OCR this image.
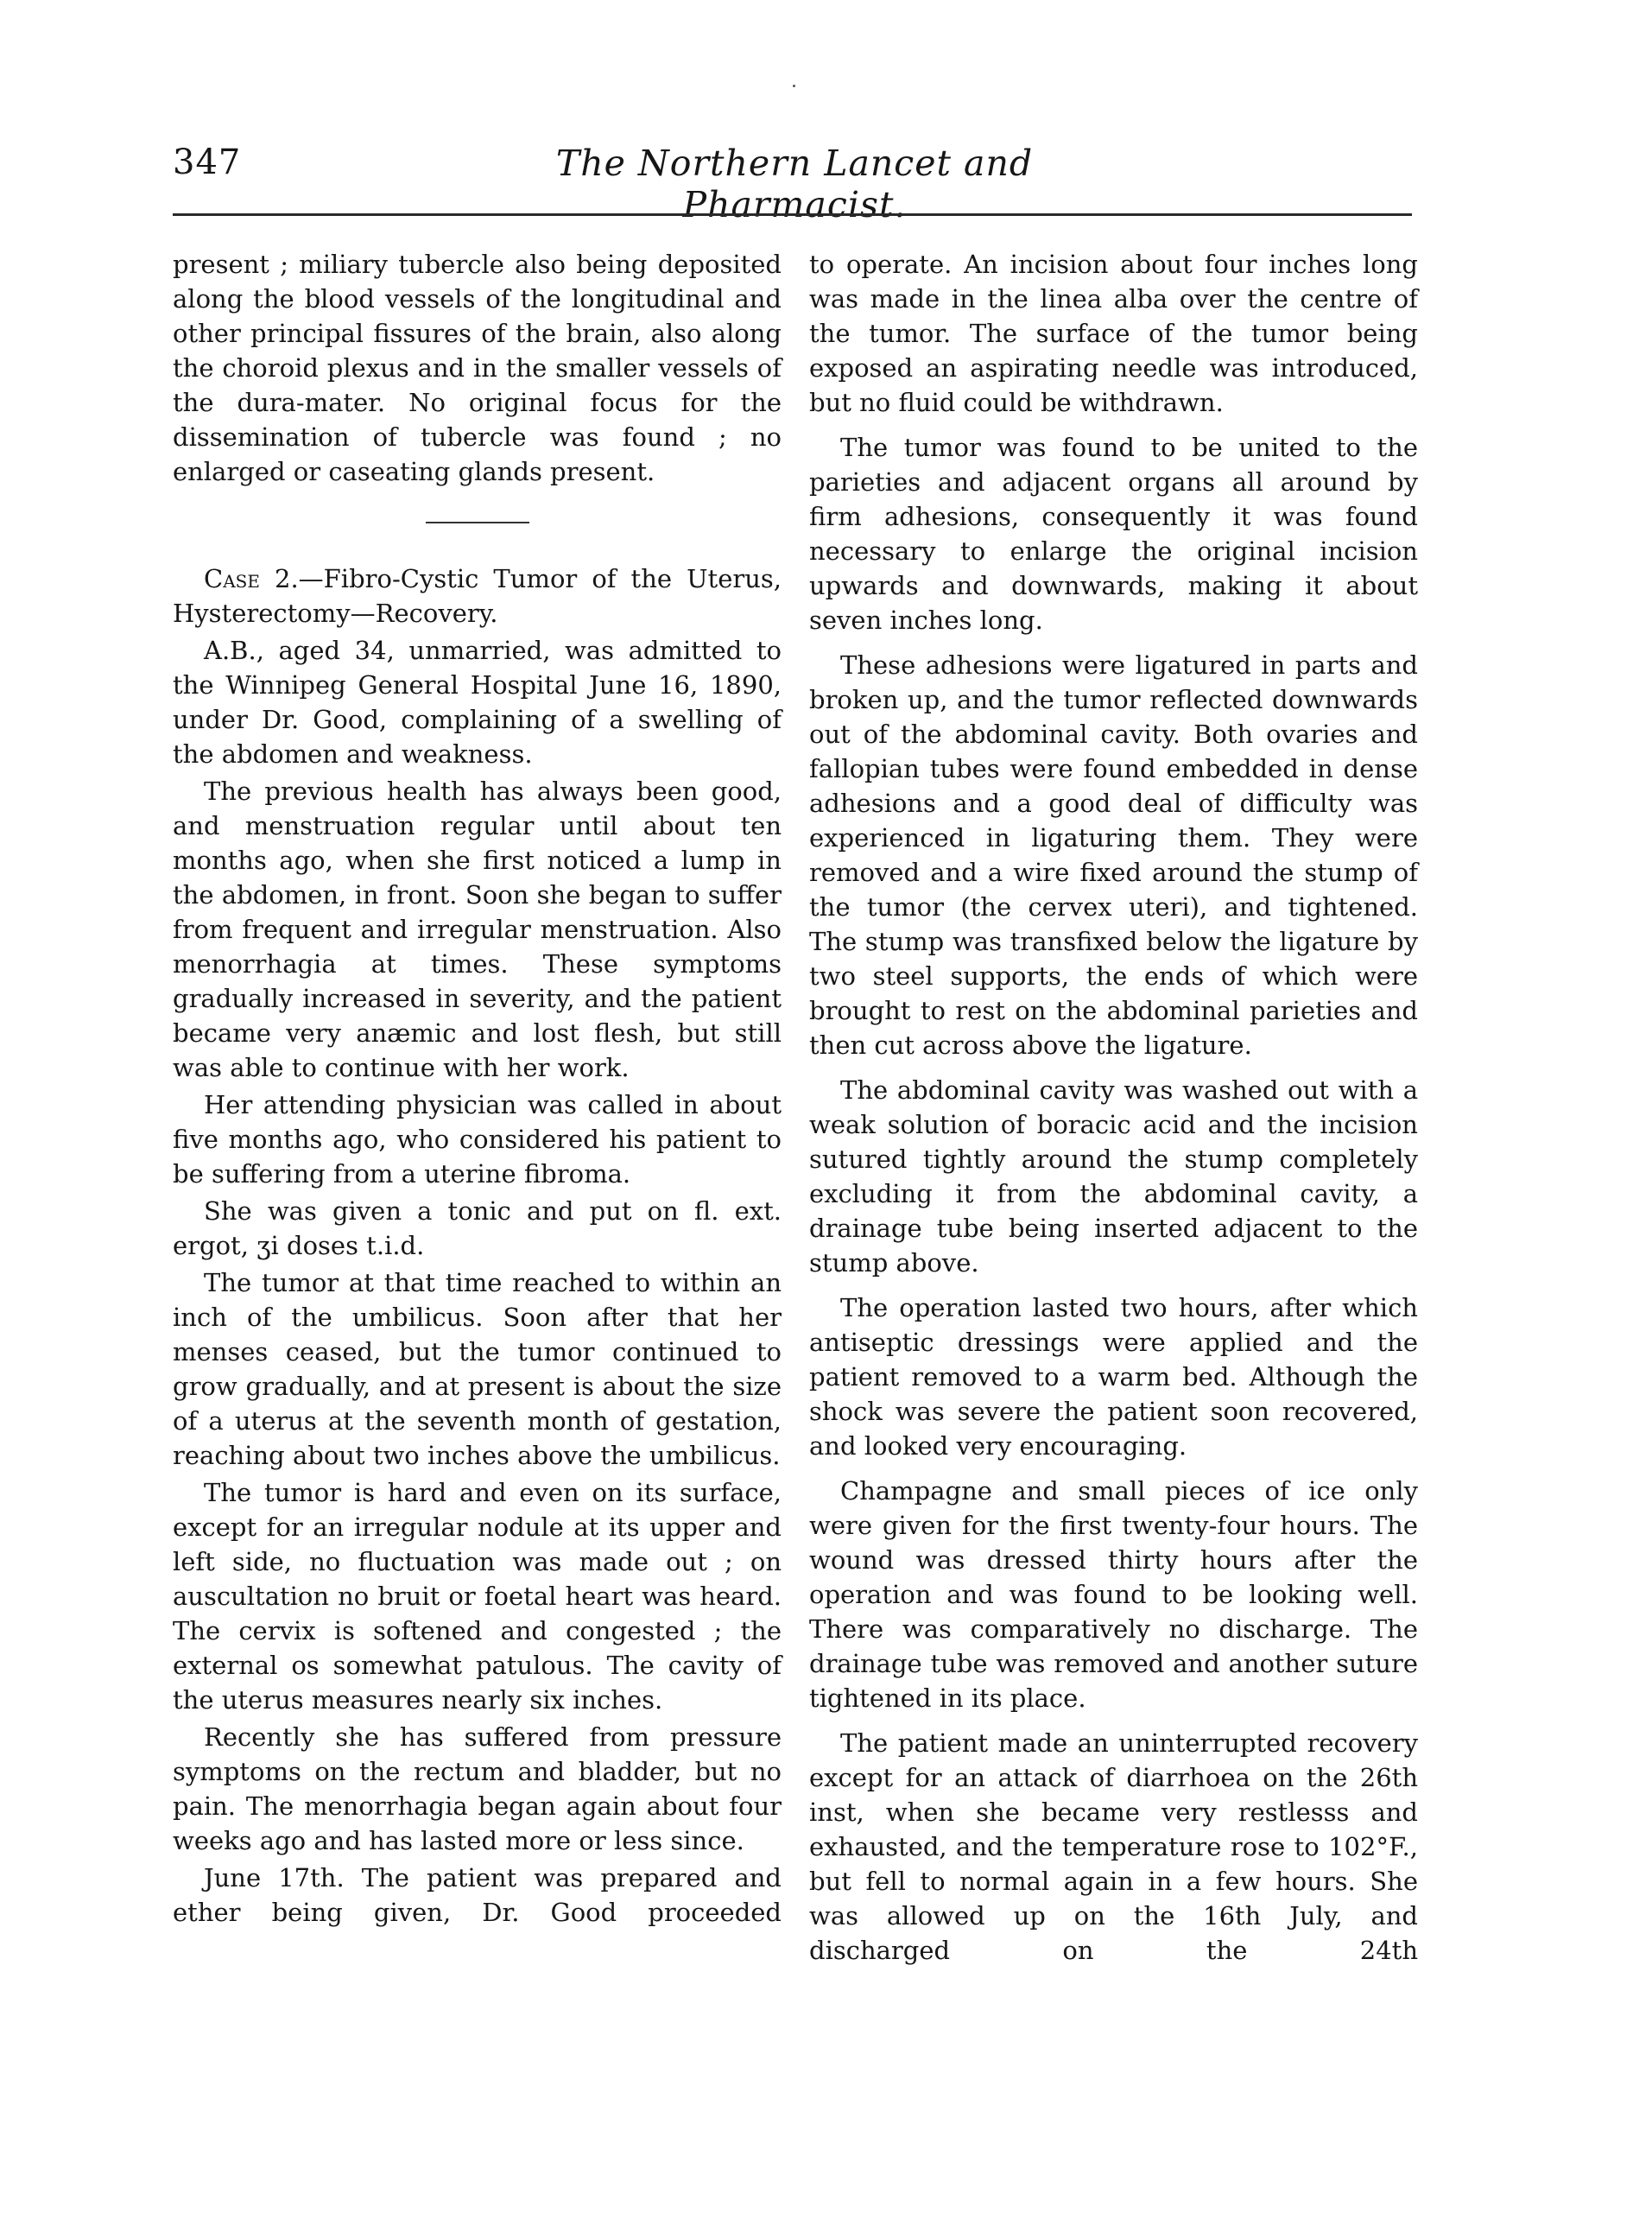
347	The Northern Lancet and Pharmacist.

present ; miliary tubercle also being deposited along the blood vessels of the longitudinal and other principal fissures of the brain, also along the choroid plexus and in the smaller vessels of the dura-mater. No original focus for the dissemination of tubercle was found ; no enlarged or caseating glands present.

Case 2.—Fibro-Cystic Tumor of the Uterus, Hysterectomy—Recovery.

A.B., aged 34, unmarried, was admitted to the Winnipeg General Hospital June 16, 1890, under Dr. Good, complaining of a swelling of the abdomen and weakness.

The previous health has always been good, and menstruation regular until about ten months ago, when she first noticed a lump in the abdomen, in front. Soon she began to suffer from frequent and irregular menstruation. Also menorrhagia at times. These symptoms gradually increased in severity, and the patient became very anæmic and lost flesh, but still was able to continue with her work.

Her attending physician was called in about five months ago, who considered his patient to be suffering from a uterine fibroma.

She was given a tonic and put on fl. ext. ergot, ʒi doses t.i.d.

The tumor at that time reached to within an inch of the umbilicus. Soon after that her menses ceased, but the tumor continued to grow gradually, and at present is about the size of a uterus at the seventh month of gestation, reaching about two inches above the umbilicus.

The tumor is hard and even on its surface, except for an irregular nodule at its upper and left side, no fluctuation was made out ; on auscultation no bruit or foetal heart was heard. The cervix is softened and congested ; the external os somewhat patulous. The cavity of the uterus measures nearly six inches.

Recently she has suffered from pressure symptoms on the rectum and bladder, but no pain. The menorrhagia began again about four weeks ago and has lasted more or less since.

June 17th. The patient was prepared and ether being given, Dr. Good proceeded

to operate. An incision about four inches long was made in the linea alba over the centre of the tumor. The surface of the tumor being exposed an aspirating needle was introduced, but no fluid could be withdrawn.

The tumor was found to be united to the parieties and adjacent organs all around by firm adhesions, consequently it was found necessary to enlarge the original incision upwards and downwards, making it about seven inches long.

These adhesions were ligatured in parts and broken up, and the tumor reflected downwards out of the abdominal cavity. Both ovaries and fallopian tubes were found embedded in dense adhesions and a good deal of difficulty was experienced in ligaturing them. They were removed and a wire fixed around the stump of the tumor (the cervex uteri), and tightened. The stump was transfixed below the ligature by two steel supports, the ends of which were brought to rest on the abdominal parieties and then cut across above the ligature.

The abdominal cavity was washed out with a weak solution of boracic acid and the incision sutured tightly around the stump completely excluding it from the abdominal cavity, a drainage tube being inserted adjacent to the stump above.

The operation lasted two hours, after which antiseptic dressings were applied and the patient removed to a warm bed. Although the shock was severe the patient soon recovered, and looked very encouraging.

Champagne and small pieces of ice only were given for the first twenty-four hours. The wound was dressed thirty hours after the operation and was found to be looking well. There was comparatively no discharge. The drainage tube was removed and another suture tightened in its place.

The patient made an uninterrupted recovery except for an attack of diarrhoea on the 26th inst, when she became very restlesss and exhausted, and the temperature rose to 102°F., but fell to normal again in a few hours. She was allowed up on the 16th July, and discharged on the 24th
